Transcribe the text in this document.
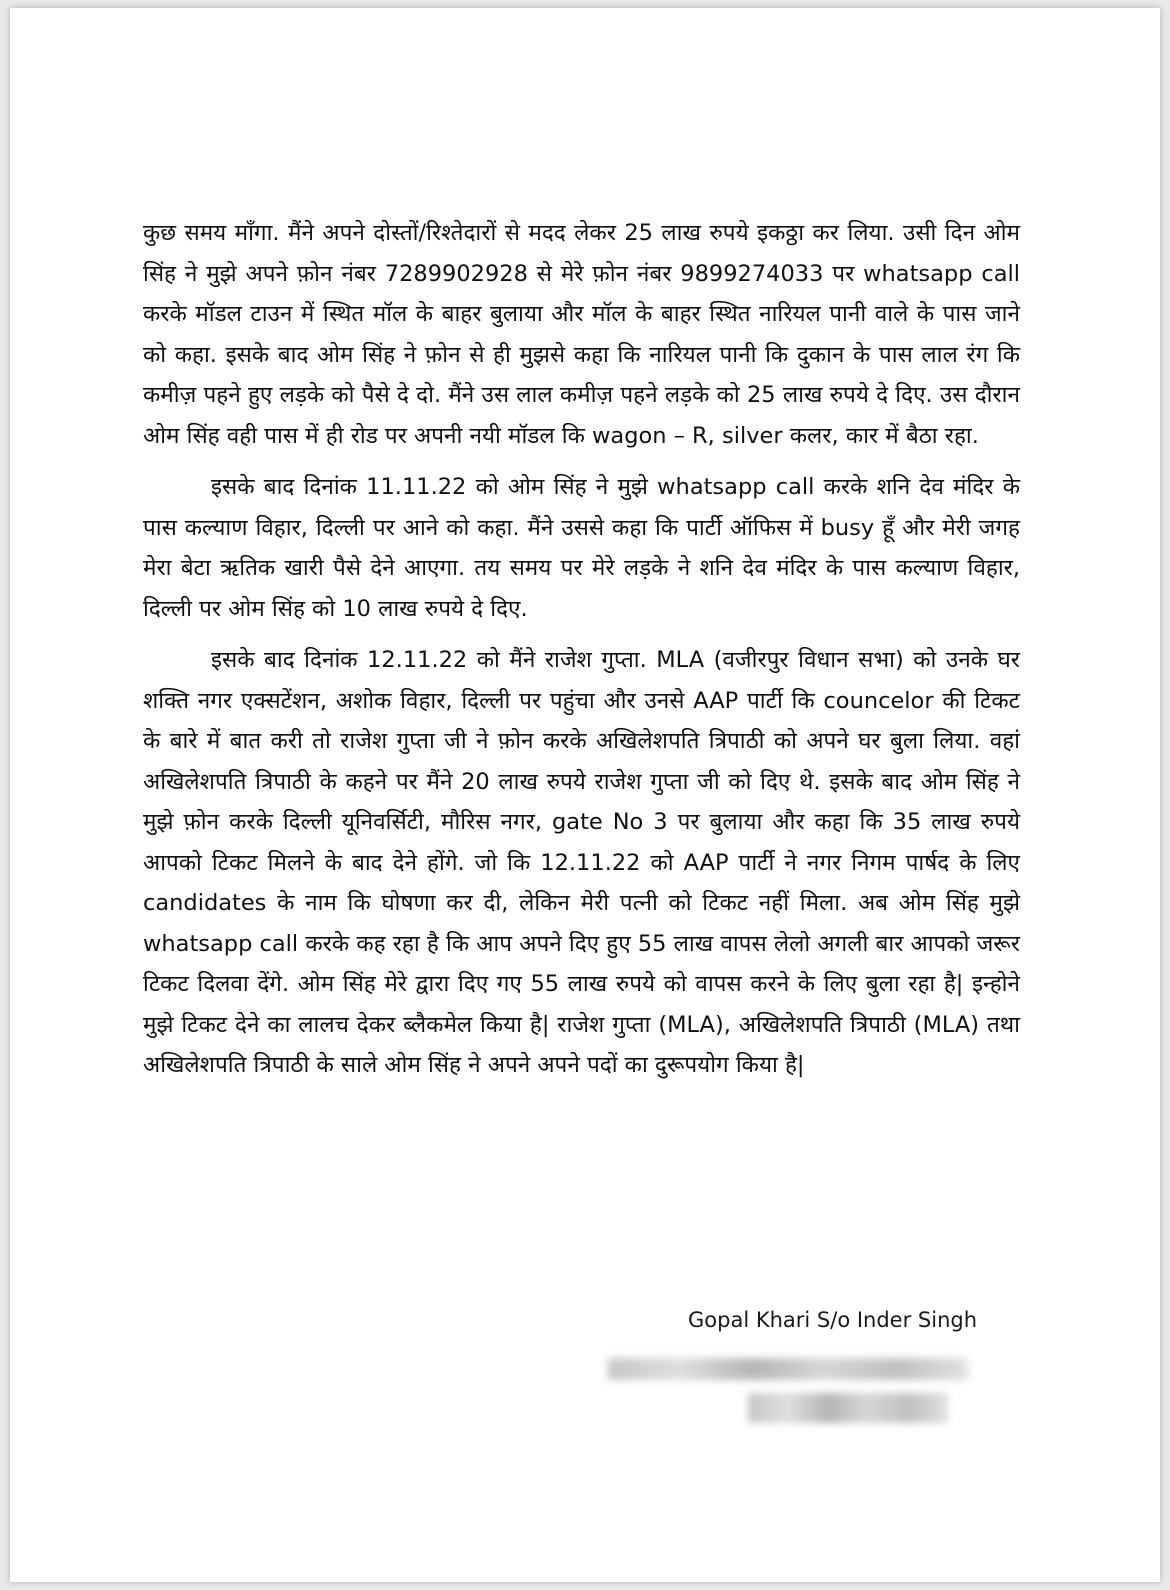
कुछ समय माँगा. मैंने अपने दोस्तों/रिश्तेदारों से मदद लेकर 25 लाख रुपये इकठ्ठा कर लिया. उसी दिन ओम सिंह ने मुझे अपने फ़ोन नंबर 7289902928 से मेरे फ़ोन नंबर 9899274033 पर whatsapp call करके मॉडल टाउन में स्थित मॉल के बाहर बुलाया और मॉल के बाहर स्थित नारियल पानी वाले के पास जाने को कहा. इसके बाद ओम सिंह ने फ़ोन से ही मुझसे कहा कि नारियल पानी कि दुकान के पास लाल रंग कि कमीज़ पहने हुए लड़के को पैसे दे दो. मैंने उस लाल कमीज़ पहने लड़के को 25 लाख रुपये दे दिए. उस दौरान ओम सिंह वही पास में ही रोड पर अपनी नयी मॉडल कि wagon – R, silver कलर, कार में बैठा रहा.

इसके बाद दिनांक 11.11.22 को ओम सिंह ने मुझे whatsapp call करके शनि देव मंदिर के पास कल्याण विहार, दिल्ली पर आने को कहा. मैंने उससे कहा कि पार्टी ऑफिस में busy हूँ और मेरी जगह मेरा बेटा ऋतिक खारी पैसे देने आएगा. तय समय पर मेरे लड़के ने शनि देव मंदिर के पास कल्याण विहार, दिल्ली पर ओम सिंह को 10 लाख रुपये दे दिए.

इसके बाद दिनांक 12.11.22 को मैंने राजेश गुप्ता. MLA (वजीरपुर विधान सभा) को उनके घर शक्ति नगर एक्सटेंशन, अशोक विहार, दिल्ली पर पहुंचा और उनसे AAP पार्टी कि councelor की टिकट के बारे में बात करी तो राजेश गुप्ता जी ने फ़ोन करके अखिलेशपति त्रिपाठी को अपने घर बुला लिया. वहां अखिलेशपति त्रिपाठी के कहने पर मैंने 20 लाख रुपये राजेश गुप्ता जी को दिए थे. इसके बाद ओम सिंह ने मुझे फ़ोन करके दिल्ली यूनिवर्सिटी, मौरिस नगर, gate No 3 पर बुलाया और कहा कि 35 लाख रुपये आपको टिकट मिलने के बाद देने होंगे. जो कि 12.11.22 को AAP पार्टी ने नगर निगम पार्षद के लिए candidates के नाम कि घोषणा कर दी, लेकिन मेरी पत्नी को टिकट नहीं मिला. अब ओम सिंह मुझे whatsapp call करके कह रहा है कि आप अपने दिए हुए 55 लाख वापस लेलो अगली बार आपको जरूर टिकट दिलवा देंगे. ओम सिंह मेरे द्वारा दिए गए 55 लाख रुपये को वापस करने के लिए बुला रहा है| इन्होने मुझे टिकट देने का लालच देकर ब्लैकमेल किया है| राजेश गुप्ता (MLA), अखिलेशपति त्रिपाठी (MLA) तथा अखिलेशपति त्रिपाठी के साले ओम सिंह ने अपने अपने पदों का दुरूपयोग किया है|

Gopal Khari S/o Inder Singh
